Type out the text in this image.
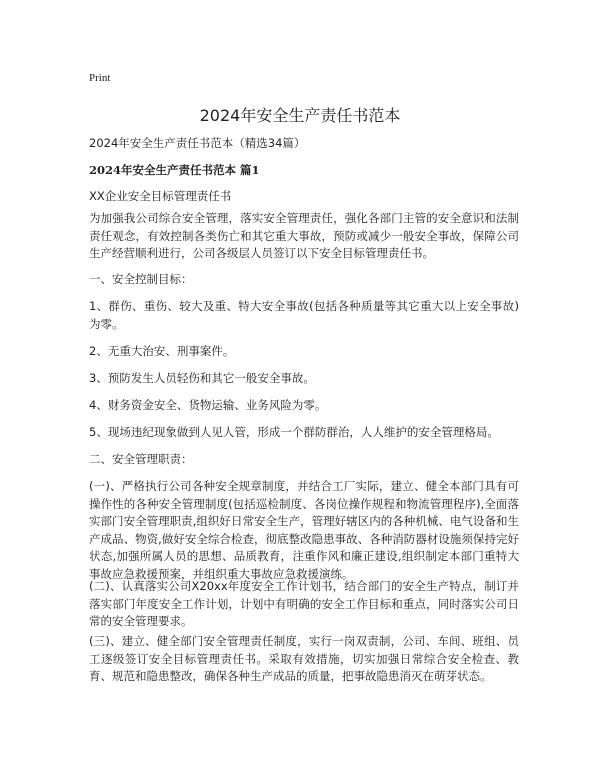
Print
2024年安全生产责任书范本
2024年安全生产责任书范本（精选34篇）
2024年安全生产责任书范本 篇1

XX企业安全目标管理责任书

为加强我公司综合安全管理，落实安全管理责任，强化各部门主管的安全意识和法制责任观念，有效控制各类伤亡和其它重大事故，预防或减少一般安全事故，保障公司生产经营顺利进行，公司各级层人员签订以下安全目标管理责任书。

一、安全控制目标：

1、群伤、重伤、较大及重、特大安全事故(包括各种质量等其它重大以上安全事故)为零。

2、无重大治安、刑事案件。

3、预防发生人员轻伤和其它一般安全事故。

4、财务资金安全、货物运输、业务风险为零。

5、现场违纪现象做到人见人管，形成一个群防群治，人人维护的安全管理格局。

二、安全管理职责：

(一)、严格执行公司各种安全规章制度，并结合工厂实际，建立、健全本部门具有可操作性的各种安全管理制度(包括巡检制度、各岗位操作规程和物流管理程序),全面落实部门安全管理职责,组织好日常安全生产，管理好辖区内的各种机械、电气设备和生产成品、物资,做好安全综合检查，彻底整改隐患事故、各种消防器材设施须保持完好状态,加强所属人员的思想、品质教育，注重作风和廉正建设,组织制定本部门重特大事故应急救援预案，并组织重大事故应急救援演练。

(二)、认真落实公司X20xx年度安全工作计划书，结合部门的安全生产特点，制订并落实部门年度安全工作计划，计划中有明确的安全工作目标和重点，同时落实公司日常的安全管理要求。

(三)、建立、健全部门安全管理责任制度，实行一岗双责制，公司、车间、班组、员工逐级签订安全目标管理责任书。采取有效措施，切实加强日常综合安全检查、教育、规范和隐患整改，确保各种生产成品的质量，把事故隐患消灭在萌芽状态。
